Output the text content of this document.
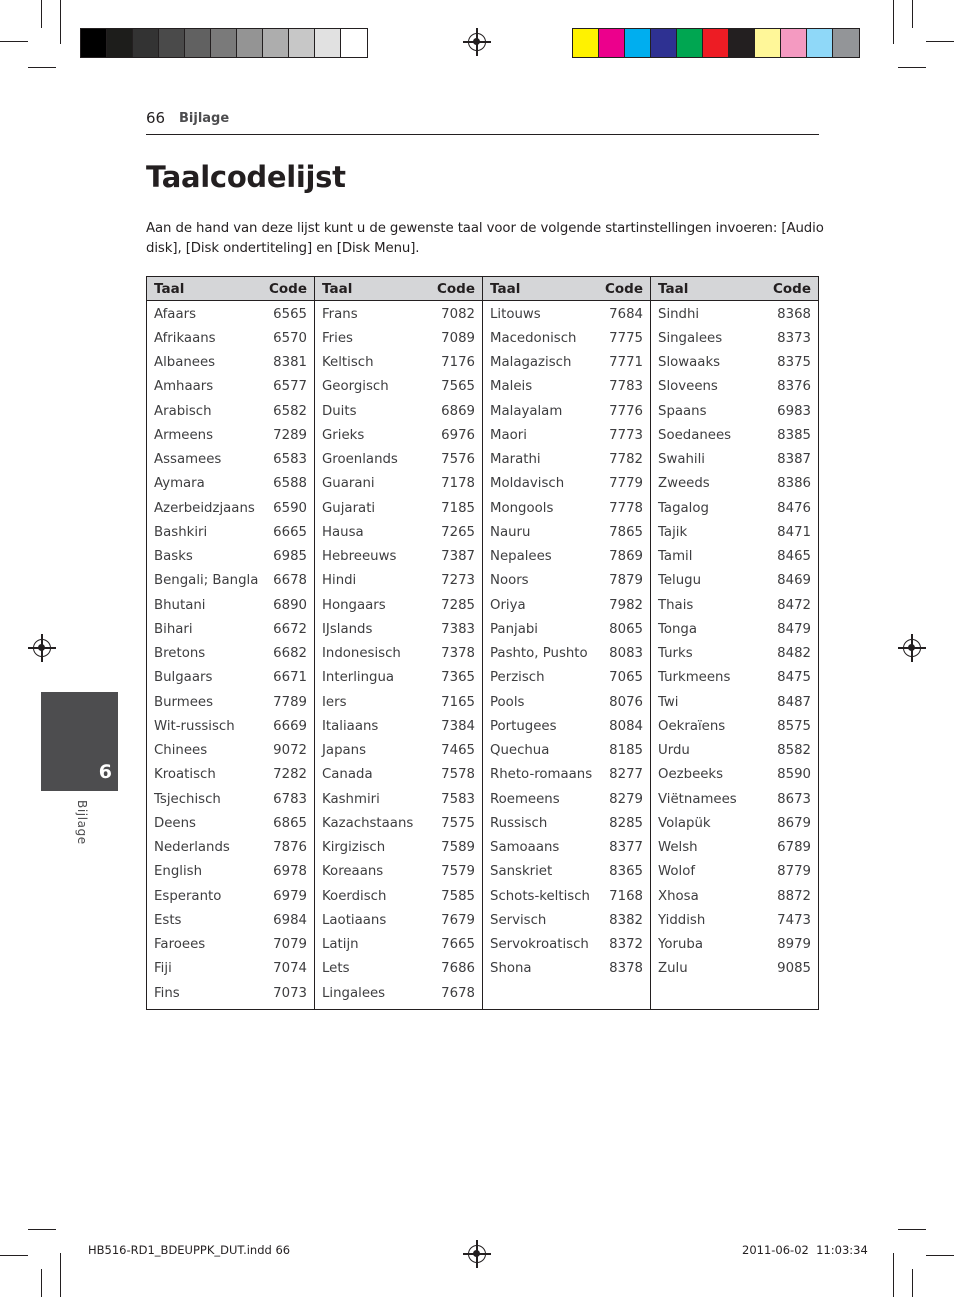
66 Bijlage
Taalcodelijst

Aan de hand van deze lijst kunt u de gewenste taal voor de volgende startinstellingen invoeren: [Audio disk], [Disk ondertiteling] en [Disk Menu].

Taal	Code
Afaars	6565
Afrikaans	6570
Albanees	8381
Amhaars	6577
Arabisch	6582
Armeens	7289
Assamees	6583
Aymara	6588
Azerbeidzjaans 6590
Bashkiri	6665
Basks	6985
Bengali; Bangla 6678
Bhutani	6890
Bihari	6672
Bretons	6682
Bulgaars	6671
Burmees	7789
Wit-russisch	6669
Chinees	9072
Kroatisch	7282
Tsjechisch	6783
Deens	6865
Nederlands	7876
English	6978
Esperanto	6979
Ests	6984
Faroees	7079
Fiji	7074
Fins	7073
Taal	Code
Frans	7082
Fries	7089
Keltisch	7176
Georgisch	7565
Duits	6869
Grieks	6976
Groenlands	7576
Guarani	7178
Gujarati	7185
Hausa	7265
Hebreeuws	7387
Hindi	7273
Hongaars	7285
IJslands	7383
Indonesisch	7378
Interlingua	7365
Iers	7165
Italiaans	7384
Japans	7465
Canada	7578
Kashmiri	7583
Kazachstaans 7575
Kirgizisch	7589
Koreaans	7579
Koerdisch	7585
Laotiaans	7679
Latijn	7665
Lets	7686
Lingalees	7678
Taal	Code
Litouws	7684
Macedonisch 7775
Malagazisch	7771
Maleis	7783
Malayalam	7776
Maori	7773
Marathi	7782
Moldavisch	7779
Mongools	7778
Nauru	7865
Nepalees	7869
Noors	7879
Oriya	7982
Panjabi	8065
Pashto, Pushto 8083
Perzisch	7065
Pools	8076
Portugees	8084
Quechua	8185
Rheto-romaans 8277
Roemeens	8279
Russisch	8285
Samoaans	8377
Sanskriet	8365
Schots-keltisch 7168
Servisch	8382
Servokroatisch 8372
Shona	8378
Taal	Code
Sindhi	8368
Singalees	8373
Slowaaks	8375
Sloveens	8376
Spaans	6983
Soedanees	8385
Swahili	8387
Zweeds	8386
Tagalog	8476
Tajik	8471
Tamil	8465
Telugu	8469
Thais	8472
Tonga	8479
Turks	8482
Turkmeens	8475
Twi	8487
Oekraïens	8575
Urdu	8582
Oezbeeks	8590
Viëtnamees	8673
Volapük	8679
Welsh	6789
Wolof	8779
Xhosa	8872
Yiddish	7473
Yoruba	8979
Zulu	9085
6
Bijlage
HB516-RD1_BDEUPPK_DUT.indd 66	2011-06-02 ￼￼ 11:03:34
